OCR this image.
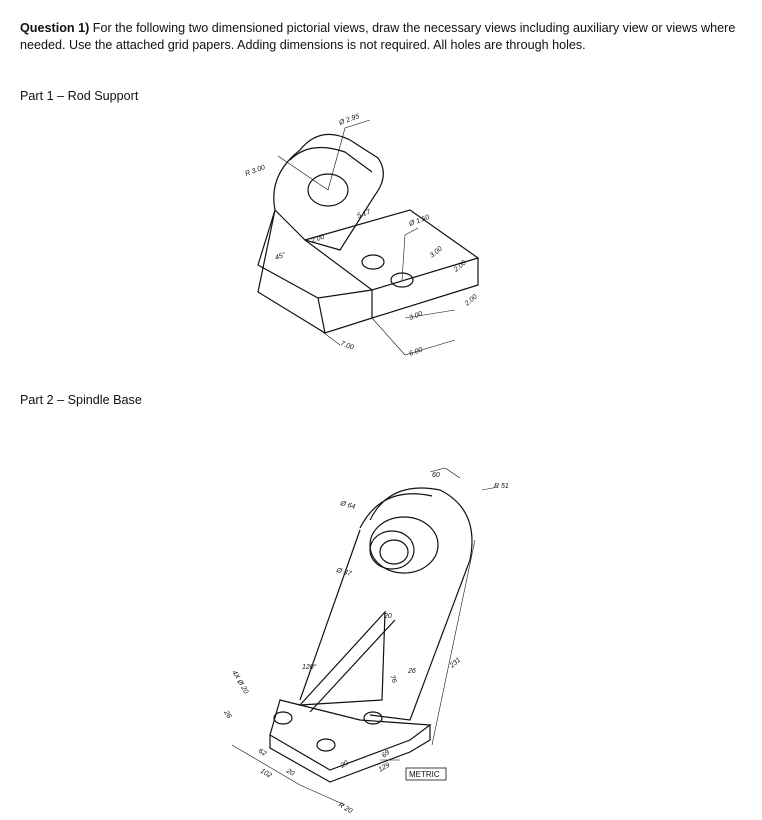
Question 1) For the following two dimensioned pictorial views, draw the necessary views including auxiliary view or views where needed. Use the attached grid papers. Adding dimensions is not required. All holes are through holes.
Part 1 – Rod Support
Part 2 – Spindle Base
Ø 2.95
R 3.00
5.17	Ø 1.50
2.00
45°	3.00
2.00
2.00
3.00
7.00
6.00
METRIC
60
R 51
Ø 64
Ø 37
20
120°
4X Ø 20	76
26
231
26
62
102 20
20
69
129
R 20
